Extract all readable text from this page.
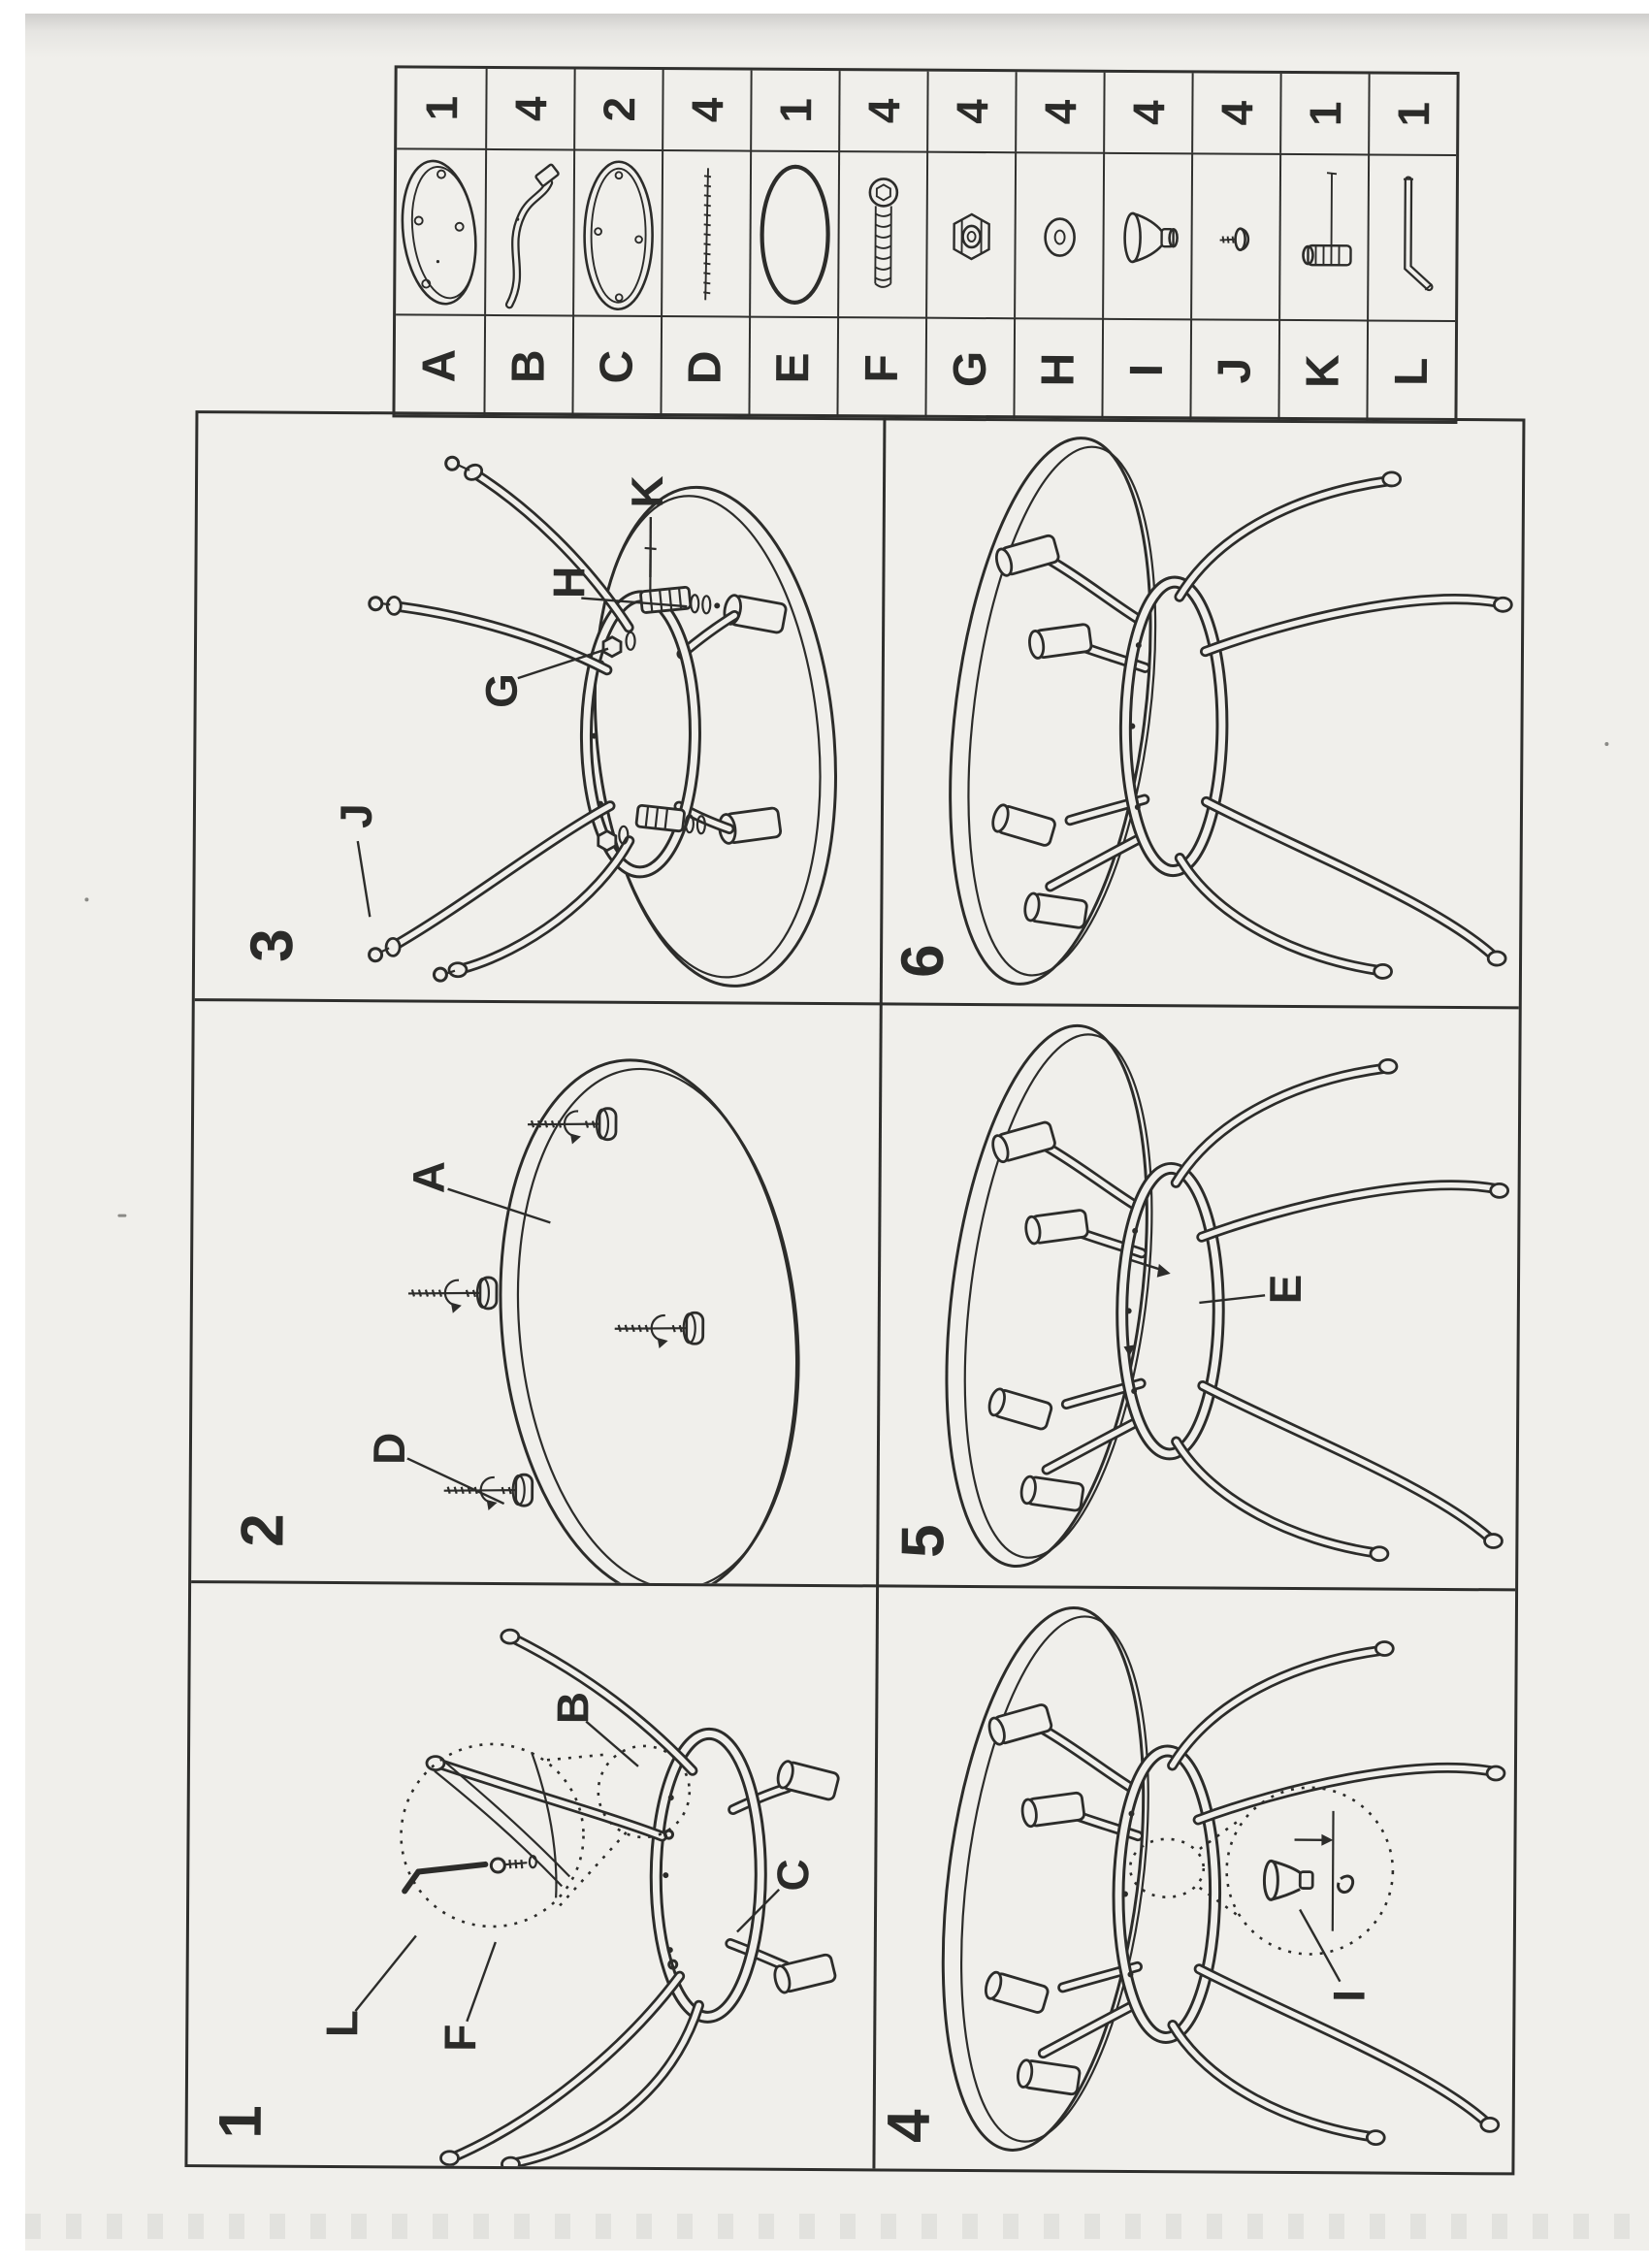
1
A
4
B
2
C
4
D
1
E
4
F
4
G
4
H
4
I
4
J
1
K
1
L
K
H
G
J
3	6
A
D
2
E
5
B
C
L
F
1
I
4
